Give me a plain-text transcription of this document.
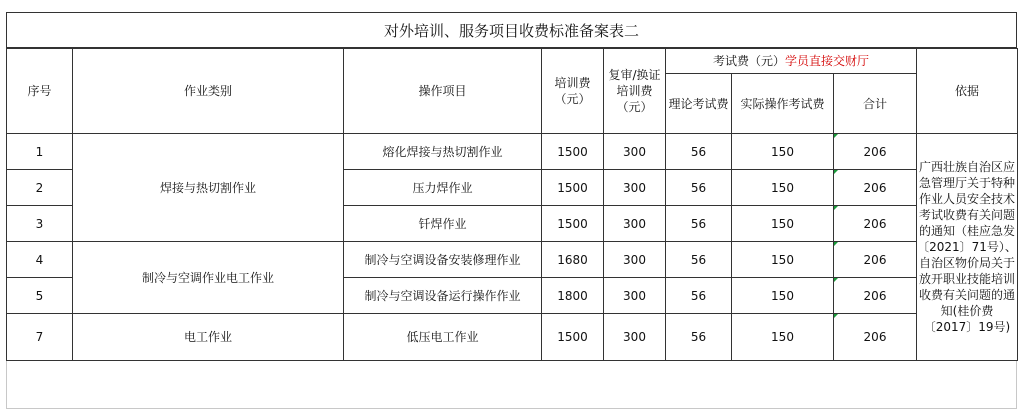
对外培训、服务项目收费标准备案表二
序号	作业类别	操作项目	培训费（元）	复审/换证培训费（元）	考试费（元）学员直接交财厅			依据
					理论考试费	实际操作考试费	合计	
1	焊接与热切割作业	熔化焊接与热切割作业	1500	300	56	150	206	广西壮族自治区应急管理厅关于特种作业人员安全技术考试收费有关问题的通知（桂应急发〔2021〕71号）、自治区物价局关于放开职业技能培训收费有关问题的通知(桂价费〔2017〕19号)
2		压力焊作业	1500	300	56	150	206	
3		钎焊作业	1500	300	56	150	206	
4	制冷与空调作业电工作业	制冷与空调设备安装修理作业	1680	300	56	150	206	
5		制冷与空调设备运行操作作业	1800	300	56	150	206	
7	电工作业	低压电工作业	1500	300	56	150	206	
